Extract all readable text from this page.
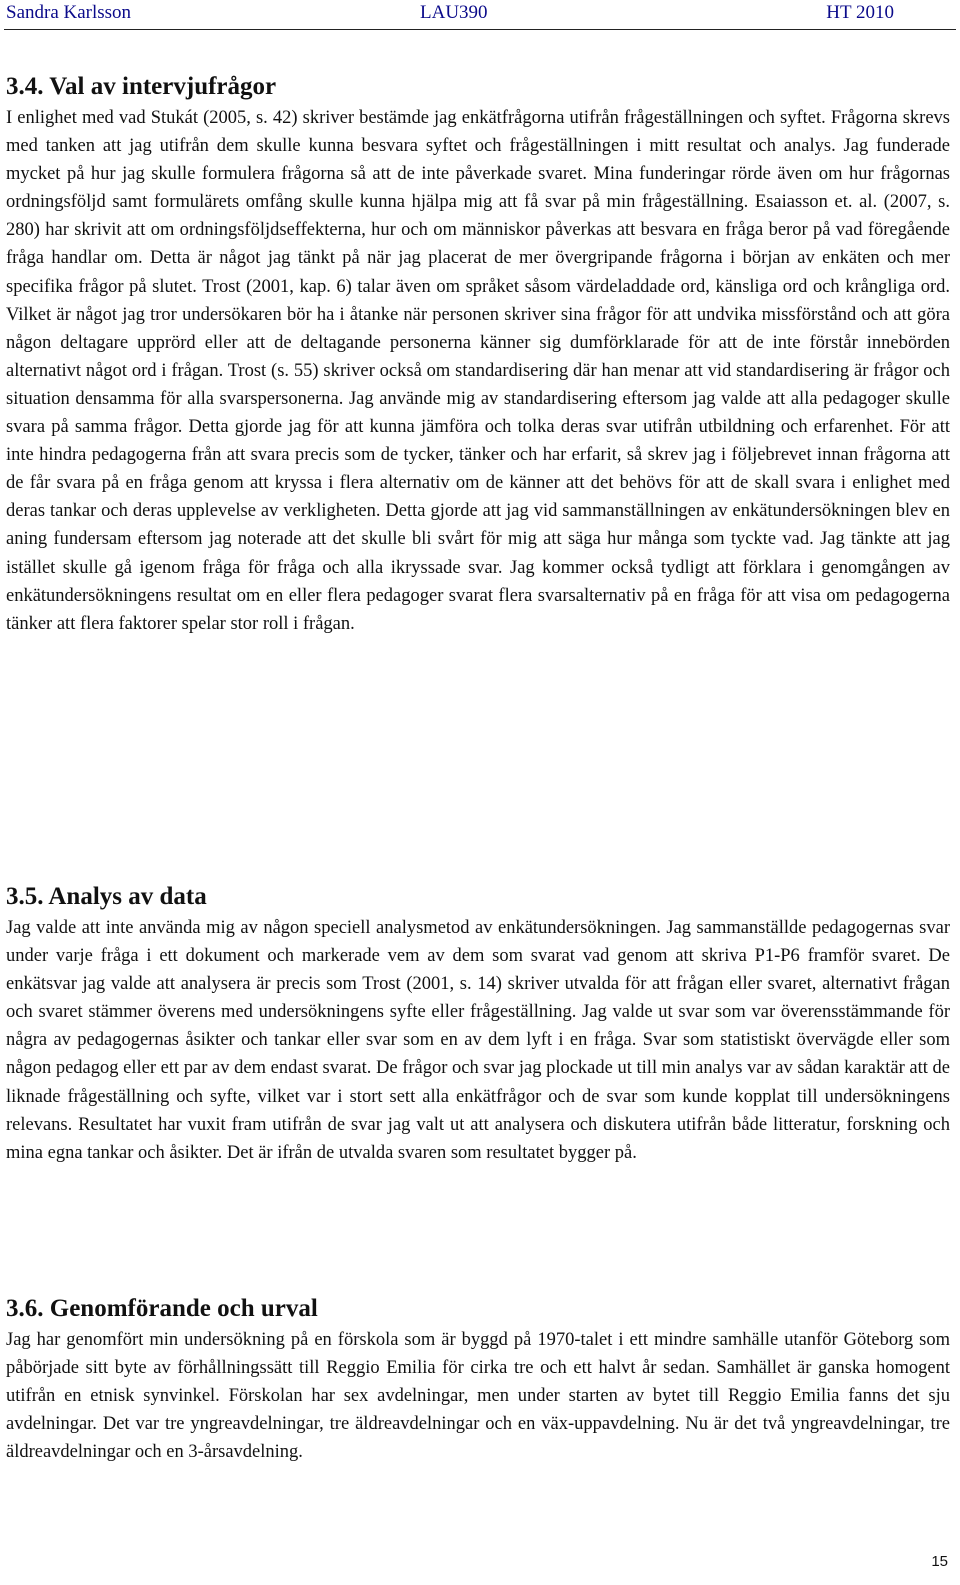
Sandra Karlsson	LAU390	HT 2010
3.4. Val av intervjufrågor

I enlighet med vad Stukát (2005, s. 42) skriver bestämde jag enkätfrågorna utifrån frågeställningen och syftet. Frågorna skrevs med tanken att jag utifrån dem skulle kunna besvara syftet och frågeställningen i mitt resultat och analys. Jag funderade mycket på hur jag skulle formulera frågorna så att de inte påverkade svaret. Mina funderingar rörde även om hur frågornas ordningsföljd samt formulärets omfång skulle kunna hjälpa mig att få svar på min frågeställning. Esaiasson et. al. (2007, s. 280) har skrivit att om ordningsföljdseffekterna, hur och om människor påverkas att besvara en fråga beror på vad föregående fråga handlar om. Detta är något jag tänkt på när jag placerat de mer övergripande frågorna i början av enkäten och mer specifika frågor på slutet. Trost (2001, kap. 6) talar även om språket såsom värdeladdade ord, känsliga ord och krångliga ord. Vilket är något jag tror undersökaren bör ha i åtanke när personen skriver sina frågor för att undvika missförstånd och att göra någon deltagare upprörd eller att de deltagande personerna känner sig dumförklarade för att de inte förstår innebörden alternativt något ord i frågan. Trost (s. 55) skriver också om standardisering där han menar att vid standardisering är frågor och situation densamma för alla svarspersonerna. Jag använde mig av standardisering eftersom jag valde att alla pedagoger skulle svara på samma frågor. Detta gjorde jag för att kunna jämföra och tolka deras svar utifrån utbildning och erfarenhet. För att inte hindra pedagogerna från att svara precis som de tycker, tänker och har erfarit, så skrev jag i följebrevet innan frågorna att de får svara på en fråga genom att kryssa i flera alternativ om de känner att det behövs för att de skall svara i enlighet med deras tankar och deras upplevelse av verkligheten. Detta gjorde att jag vid sammanställningen av enkätundersökningen blev en aning fundersam eftersom jag noterade att det skulle bli svårt för mig att säga hur många som tyckte vad. Jag tänkte att jag istället skulle gå igenom fråga för fråga och alla ikryssade svar. Jag kommer också tydligt att förklara i genomgången av enkätundersökningens resultat om en eller flera pedagoger svarat flera svarsalternativ på en fråga för att visa om pedagogerna tänker att flera faktorer spelar stor roll i frågan.

3.5. Analys av data

Jag valde att inte använda mig av någon speciell analysmetod av enkätundersökningen. Jag sammanställde pedagogernas svar under varje fråga i ett dokument och markerade vem av dem som svarat vad genom att skriva P1-P6 framför svaret. De enkätsvar jag valde att analysera är precis som Trost (2001, s. 14) skriver utvalda för att frågan eller svaret, alternativt frågan och svaret stämmer överens med undersökningens syfte eller frågeställning. Jag valde ut svar som var överensstämmande för några av pedagogernas åsikter och tankar eller svar som en av dem lyft i en fråga. Svar som statistiskt övervägde eller som någon pedagog eller ett par av dem endast svarat. De frågor och svar jag plockade ut till min analys var av sådan karaktär att de liknade frågeställning och syfte, vilket var i stort sett alla enkätfrågor och de svar som kunde kopplat till undersökningens relevans. Resultatet har vuxit fram utifrån de svar jag valt ut att analysera och diskutera utifrån både litteratur, forskning och mina egna tankar och åsikter. Det är ifrån de utvalda svaren som resultatet bygger på.

3.6. Genomförande och urval

Jag har genomfört min undersökning på en förskola som är byggd på 1970-talet i ett mindre samhälle utanför Göteborg som påbörjade sitt byte av förhållningssätt till Reggio Emilia för cirka tre och ett halvt år sedan. Samhället är ganska homogent utifrån en etnisk synvinkel. Förskolan har sex avdelningar, men under starten av bytet till Reggio Emilia fanns det sju avdelningar. Det var tre yngreavdelningar, tre äldreavdelningar och en väx-uppavdelning. Nu är det två yngreavdelningar, tre äldreavdelningar och en 3-årsavdelning.

15
